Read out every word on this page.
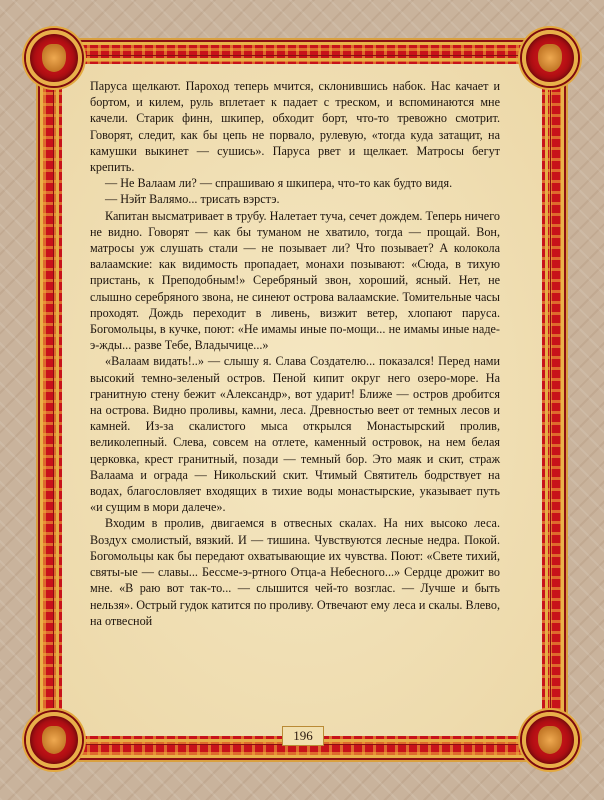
Паруса щелкают. Пароход теперь мчится, склонившись набок. Нас качает и бортом, и килем, руль вплетает к падает с треском, и вспоминаются мне качели. Старик финн, шкипер, обходит борт, что-то тревожно смотрит. Говорят, следит, как бы цепь не порвало, рулевую, «тогда куда затащит, на камушки выкинет — сушись». Паруса рвет и щелкает. Матросы бегут крепить.

— Не Валаам ли? — спрашиваю я шкипера, что-то как будто видя.

— Нэйт Валямо... трисать вэрстэ.

Капитан высматривает в трубу. Налетает туча, сечет дождем. Теперь ничего не видно. Говорят — как бы туманом не хватило, тогда — прощай. Вон, матросы уж слушать стали — не позывает ли? Что позывает? А колокола валаамские: как видимость пропадает, монахи позывают: «Сюда, в тихую пристань, к Преподобным!» Серебряный звон, хороший, ясный. Нет, не слышно серебряного звона, не синеют острова валаамские. Томительные часы проходят. Дождь переходит в ливень, визжит ветер, хлопают паруса. Богомольцы, в кучке, поют: «Не имамы иные по-мощи... не имамы иные наде-э-жды... разве Тебе, Владычице...»

«Валаам видать!..» — слышу я. Слава Создателю... показался! Перед нами высокий темно-зеленый остров. Пеной кипит округ него озеро-море. На гранитную стену бежит «Александр», вот ударит! Ближе — остров дробится на острова. Видно проливы, камни, леса. Древностью веет от темных лесов и камней. Из-за скалистого мыса открылся Монастырский пролив, великолепный. Слева, совсем на отлете, каменный островок, на нем белая церковка, крест гранитный, позади — темный бор. Это маяк и скит, страж Валаама и ограда — Никольский скит. Чтимый Святитель бодрствует на водах, благословляет входящих в тихие воды монастырские, указывает путь «и сущим в мори далече».

Входим в пролив, двигаемся в отвесных скалах. На них высоко леса. Воздух смолистый, вязкий. И — тишина. Чувствуются лесные недра. Покой. Богомольцы как бы передают охватывающие их чувства. Поют: «Свете тихий, святы-ые — славы... Бессме-э-ртного Отца-а Небесного...» Сердце дрожит во мне. «В раю вот так-то... — слышится чей-то возглас. — Лучше и быть нельзя». Острый гудок катится по проливу. Отвечают ему леса и скалы. Влево, на отвесной

196
